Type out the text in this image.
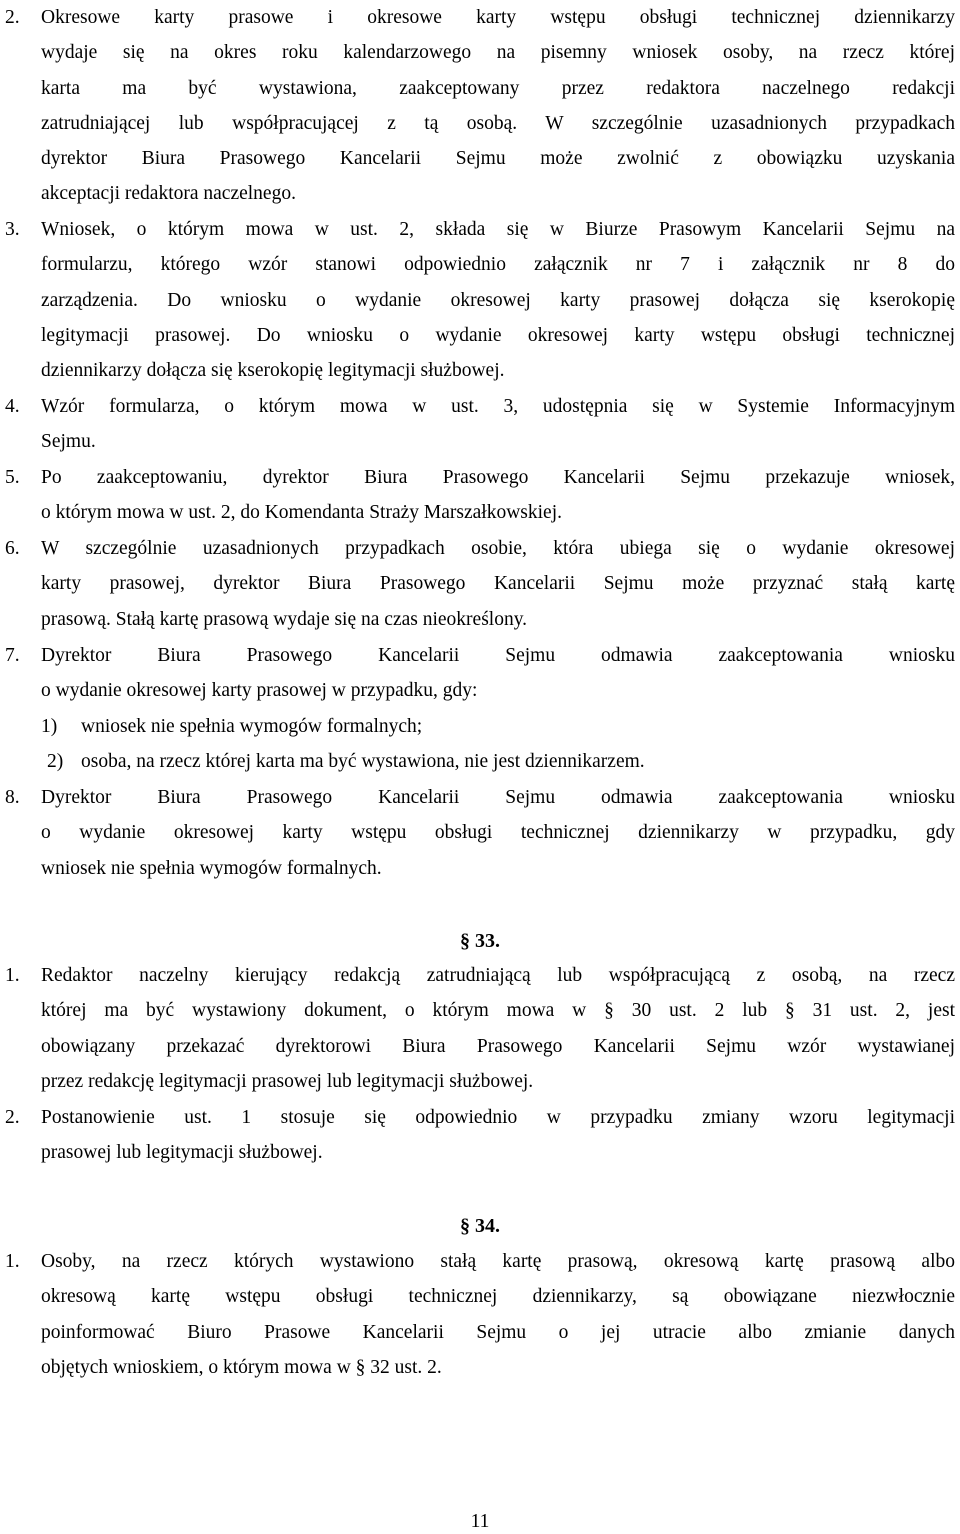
2. Okresowe karty prasowe i okresowe karty wstępu obsługi technicznej dziennikarzy
wydaje się na okres roku kalendarzowego na pisemny wniosek osoby, na rzecz której
karta ma być wystawiona, zaakceptowany przez redaktora naczelnego redakcji
zatrudniającej lub współpracującej z tą osobą. W szczególnie uzasadnionych przypadkach
dyrektor Biura Prasowego Kancelarii Sejmu może zwolnić z obowiązku uzyskania
akceptacji redaktora naczelnego.
3. Wniosek, o którym mowa w ust. 2, składa się w Biurze Prasowym Kancelarii Sejmu na
formularzu, którego wzór stanowi odpowiednio załącznik nr 7 i załącznik nr 8 do
zarządzenia. Do wniosku o wydanie okresowej karty prasowej dołącza się kserokopię
legitymacji prasowej. Do wniosku o wydanie okresowej karty wstępu obsługi technicznej
dziennikarzy dołącza się kserokopię legitymacji służbowej.
4. Wzór formularza, o którym mowa w ust. 3, udostępnia się w Systemie Informacyjnym
Sejmu.
5. Po zaakceptowaniu, dyrektor Biura Prasowego Kancelarii Sejmu przekazuje wniosek,
o którym mowa w ust. 2, do Komendanta Straży Marszałkowskiej.
6. W szczególnie uzasadnionych przypadkach osobie, która ubiega się o wydanie okresowej
karty prasowej, dyrektor Biura Prasowego Kancelarii Sejmu może przyznać stałą kartę
prasową. Stałą kartę prasową wydaje się na czas nieokreślony.
7. Dyrektor Biura Prasowego Kancelarii Sejmu odmawia zaakceptowania wniosku
o wydanie okresowej karty prasowej w przypadku, gdy:
1) wniosek nie spełnia wymogów formalnych;
2) osoba, na rzecz której karta ma być wystawiona, nie jest dziennikarzem.
8. Dyrektor Biura Prasowego Kancelarii Sejmu odmawia zaakceptowania wniosku
o wydanie okresowej karty wstępu obsługi technicznej dziennikarzy w przypadku, gdy
wniosek nie spełnia wymogów formalnych.
§ 33.
1. Redaktor naczelny kierujący redakcją zatrudniającą lub współpracującą z osobą, na rzecz
której ma być wystawiony dokument, o którym mowa w § 30 ust. 2 lub § 31 ust. 2, jest
obowiązany przekazać dyrektorowi Biura Prasowego Kancelarii Sejmu wzór wystawianej
przez redakcję legitymacji prasowej lub legitymacji służbowej.
2. Postanowienie ust. 1 stosuje się odpowiednio w przypadku zmiany wzoru legitymacji
prasowej lub legitymacji służbowej.
§ 34.
1. Osoby, na rzecz których wystawiono stałą kartę prasową, okresową kartę prasową albo
okresową kartę wstępu obsługi technicznej dziennikarzy, są obowiązane niezwłocznie
poinformować Biuro Prasowe Kancelarii Sejmu o jej utracie albo zmianie danych
objętych wnioskiem, o którym mowa w § 32 ust. 2.
11
